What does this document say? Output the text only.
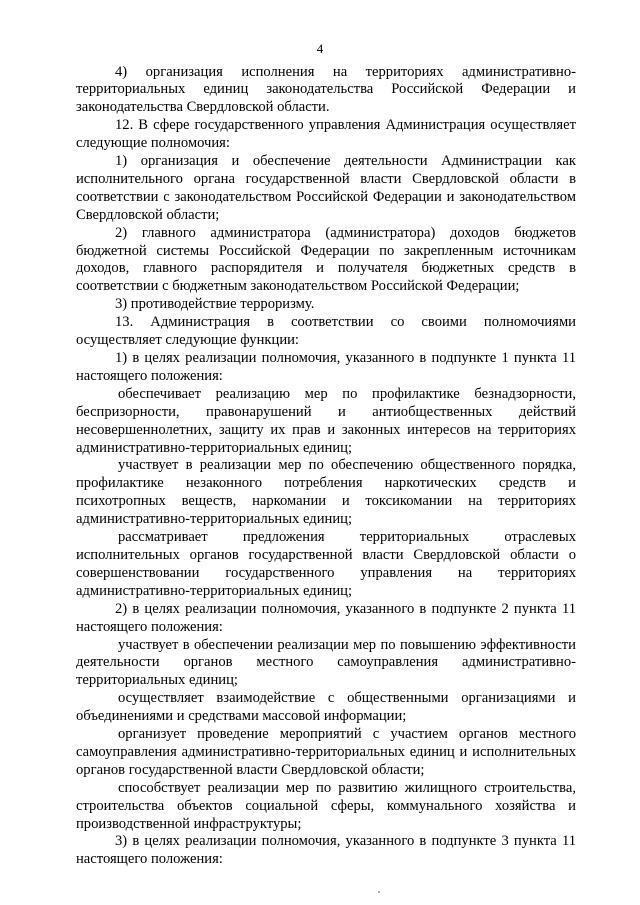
4

4) организация исполнения на территориях административно-территориальных единиц законодательства Российской Федерации и законодательства Свердловской области.

12. В сфере государственного управления Администрация осуществляет следующие полномочия:

1) организация и обеспечение деятельности Администрации как исполнительного органа государственной власти Свердловской области в соответствии с законодательством Российской Федерации и законодательством Свердловской области;

2) главного администратора (администратора) доходов бюджетов бюджетной системы Российской Федерации по закрепленным источникам доходов, главного распорядителя и получателя бюджетных средств в соответствии с бюджетным законодательством Российской Федерации;

3) противодействие терроризму.

13. Администрация в соответствии со своими полномочиями осуществляет следующие функции:

1) в целях реализации полномочия, указанного в подпункте 1 пункта 11 настоящего положения:

обеспечивает реализацию мер по профилактике безнадзорности, беспризорности, правонарушений и антиобщественных действий несовершеннолетних, защиту их прав и законных интересов на территориях административно-территориальных единиц;

участвует в реализации мер по обеспечению общественного порядка, профилактике незаконного потребления наркотических средств и психотропных веществ, наркомании и токсикомании на территориях административно-территориальных единиц;

рассматривает предложения территориальных отраслевых исполнительных органов государственной власти Свердловской области о совершенствовании государственного управления на территориях административно-территориальных единиц;

2) в целях реализации полномочия, указанного в подпункте 2 пункта 11 настоящего положения:

участвует в обеспечении реализации мер по повышению эффективности деятельности органов местного самоуправления административно-территориальных единиц;

осуществляет взаимодействие с общественными организациями и объединениями и средствами массовой информации;

организует проведение мероприятий с участием органов местного самоуправления административно-территориальных единиц и исполнительных органов государственной власти Свердловской области;

способствует реализации мер по развитию жилищного строительства, строительства объектов социальной сферы, коммунального хозяйства и производственной инфраструктуры;

3) в целях реализации полномочия, указанного в подпункте 3 пункта 11 настоящего положения:
